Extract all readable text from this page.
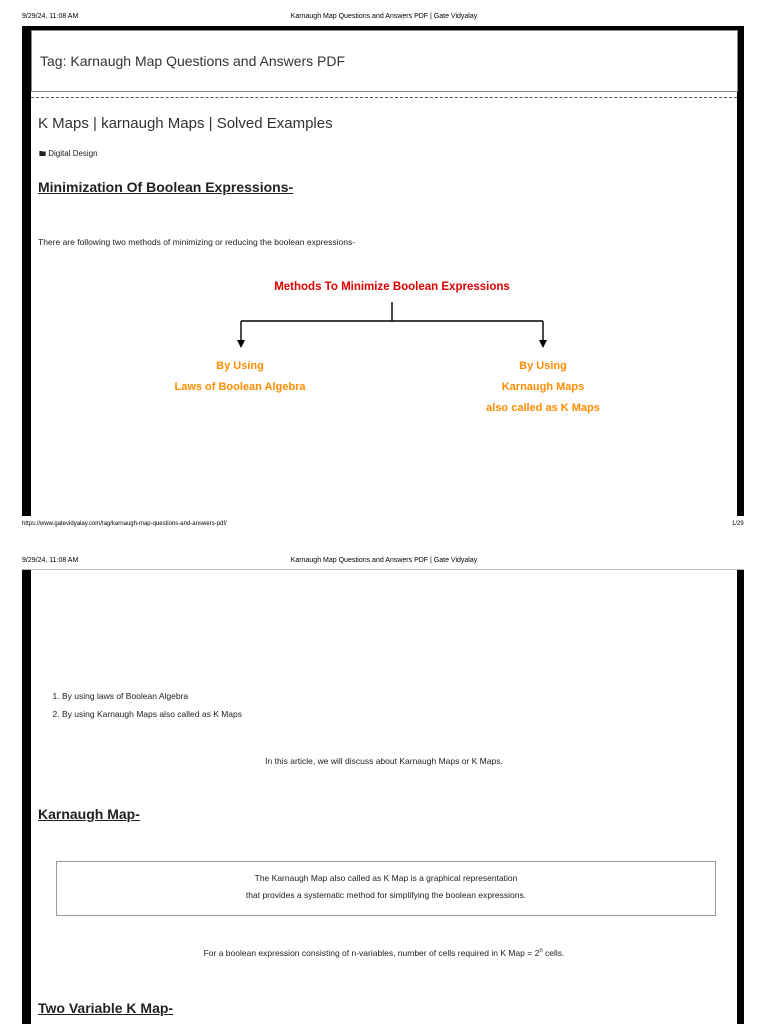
9/29/24, 11:08 AM	Karnaugh Map Questions and Answers PDF | Gate Vidyalay
Tag: Karnaugh Map Questions and Answers PDF
K Maps | karnaugh Maps | Solved Examples
🖿 Digital Design
Minimization Of Boolean Expressions-
There are following two methods of minimizing or reducing the boolean expressions-
Methods To Minimize Boolean Expressions
By Using
Laws of Boolean Algebra
By Using
Karnaugh Maps
also called as K Maps
https://www.gatevidyalay.com/tag/karnaugh-map-questions-and-answers-pdf/	1/29
9/29/24, 11:08 AM	Karnaugh Map Questions and Answers PDF | Gate Vidyalay
1. By using laws of Boolean Algebra
2. By using Karnaugh Maps also called as K Maps
In this article, we will discuss about Karnaugh Maps or K Maps.
Karnaugh Map-
The Karnaugh Map also called as K Map is a graphical representation
that provides a systematic method for simplifying the boolean expressions.
For a boolean expression consisting of n-variables, number of cells required in K Map = $2^n$ cells.
Two Variable K Map-
